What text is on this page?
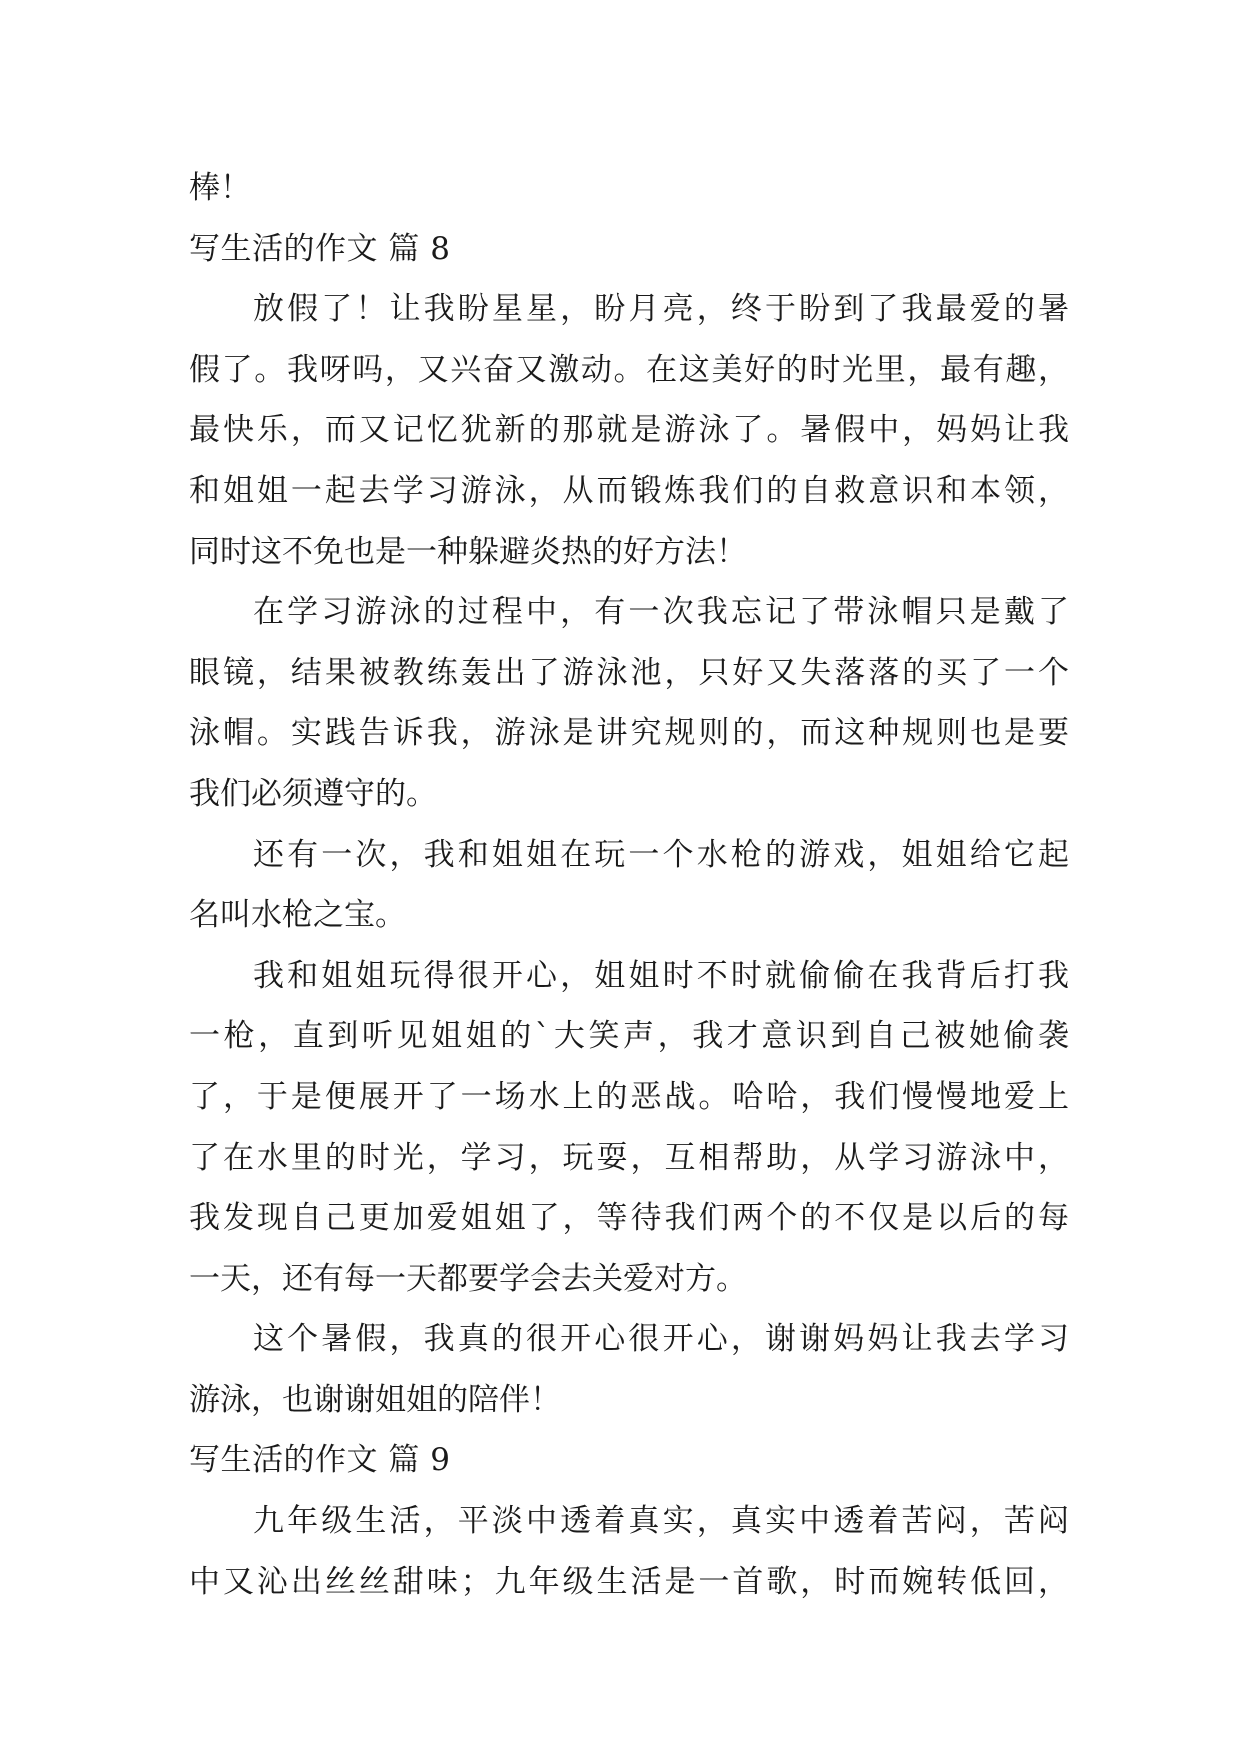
棒！
写生活的作文 篇 8
放假了！让我盼星星，盼月亮，终于盼到了我最爱的暑
假了。我呀吗，又兴奋又激动。在这美好的时光里，最有趣，
最快乐，而又记忆犹新的那就是游泳了。暑假中，妈妈让我
和姐姐一起去学习游泳，从而锻炼我们的自救意识和本领，
同时这不免也是一种躲避炎热的好方法！
在学习游泳的过程中，有一次我忘记了带泳帽只是戴了
眼镜，结果被教练轰出了游泳池，只好又失落落的买了一个
泳帽。实践告诉我，游泳是讲究规则的，而这种规则也是要
我们必须遵守的。
还有一次，我和姐姐在玩一个水枪的游戏，姐姐给它起
名叫水枪之宝。
我和姐姐玩得很开心，姐姐时不时就偷偷在我背后打我
一枪，直到听见姐姐的`大笑声，我才意识到自己被她偷袭
了，于是便展开了一场水上的恶战。哈哈，我们慢慢地爱上
了在水里的时光，学习，玩耍，互相帮助，从学习游泳中，
我发现自己更加爱姐姐了，等待我们两个的不仅是以后的每
一天，还有每一天都要学会去关爱对方。
这个暑假，我真的很开心很开心，谢谢妈妈让我去学习
游泳，也谢谢姐姐的陪伴！
写生活的作文 篇 9
九年级生活，平淡中透着真实，真实中透着苦闷，苦闷
中又沁出丝丝甜味；九年级生活是一首歌，时而婉转低回，
